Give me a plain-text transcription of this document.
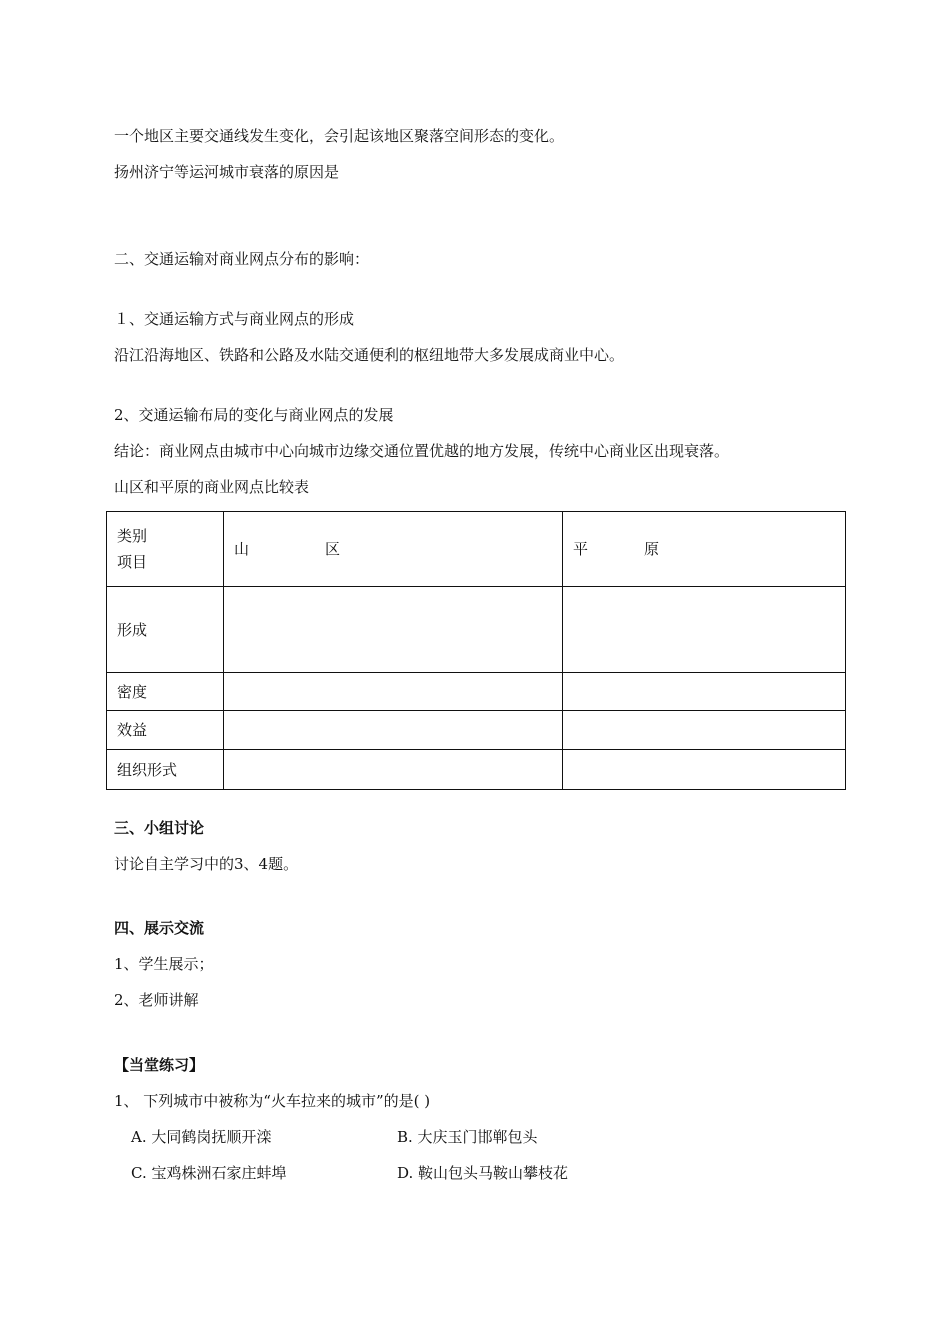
一个地区主要交通线发生变化，会引起该地区聚落空间形态的变化。
扬州济宁等运河城市衰落的原因是
二、交通运输对商业网点分布的影响：
１、交通运输方式与商业网点的形成
沿江沿海地区、铁路和公路及水陆交通便利的枢纽地带大多发展成商业中心。
2、交通运输布局的变化与商业网点的发展
结论：商业网点由城市中心向城市边缘交通位置优越的地方发展，传统中心商业区出现衰落。
山区和平原的商业网点比较表
类别
项目	山 区	平 原
形成		
密度		
效益		
组织形式		
三、小组讨论
讨论自主学习中的3、4题。
四、展示交流
1、学生展示；
2、老师讲解
【当堂练习】
1、 下列城市中被称为“火车拉来的城市”的是( )
A. 大同鹤岗抚顺开滦	B. 大庆玉门邯郸包头
C. 宝鸡株洲石家庄蚌埠	D. 鞍山包头马鞍山攀枝花
